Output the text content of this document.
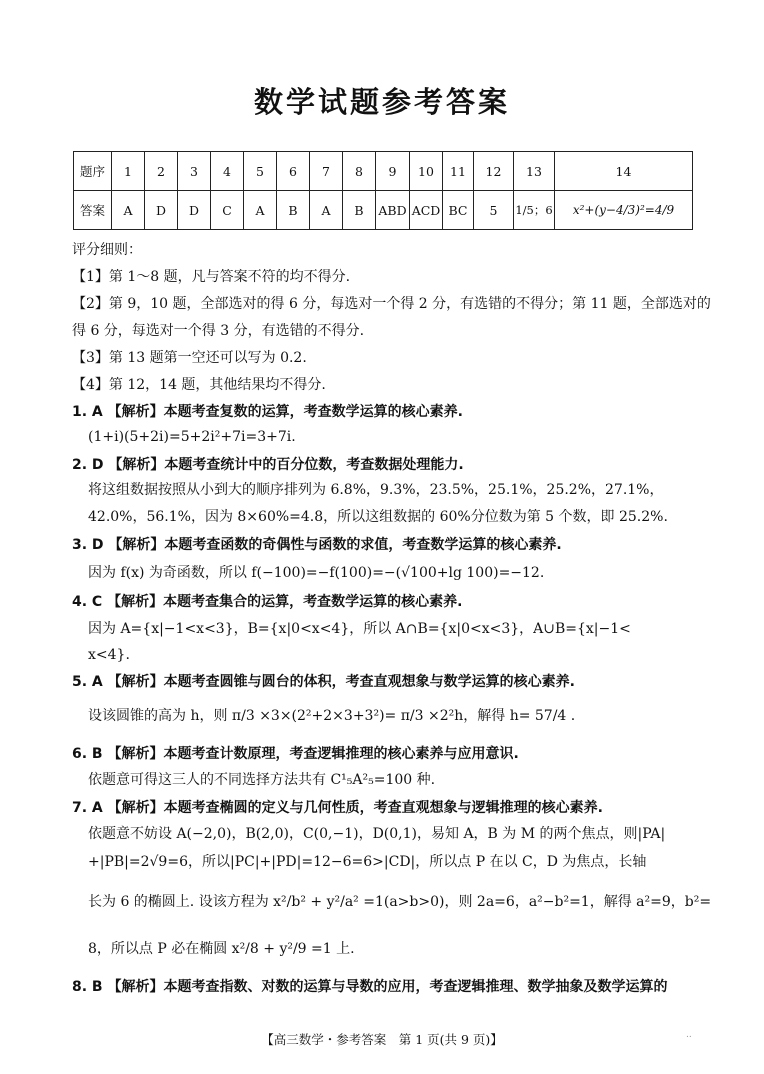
数学试题参考答案
题序	1	2	3	4	5	6	7	8	9	10	11	12	13	14
答案	A	D	D	C	A	B	A	B	ABD	ACD	BC	5	1/5；6	x²+(y−4/3)²=4/9
评分细则：
【1】第 1～8 题，凡与答案不符的均不得分.
【2】第 9，10 题，全部选对的得 6 分，每选对一个得 2 分，有选错的不得分；第 11 题，全部选对的
得 6 分，每选对一个得 3 分，有选错的不得分.
【3】第 13 题第一空还可以写为 0.2.
【4】第 12，14 题，其他结果均不得分.
1. A 【解析】本题考查复数的运算，考查数学运算的核心素养.
(1+i)(5+2i)=5+2i²+7i=3+7i.
2. D 【解析】本题考查统计中的百分位数，考查数据处理能力.
将这组数据按照从小到大的顺序排列为 6.8%，9.3%，23.5%，25.1%，25.2%，27.1%，
42.0%，56.1%，因为 8×60%=4.8，所以这组数据的 60%分位数为第 5 个数，即 25.2%.
3. D 【解析】本题考查函数的奇偶性与函数的求值，考查数学运算的核心素养.
因为 f(x) 为奇函数，所以 f(−100)=−f(100)=−(√100+lg 100)=−12.
4. C 【解析】本题考查集合的运算，考查数学运算的核心素养.
因为 A={x|−1<x<3}，B={x|0<x<4}，所以 A∩B={x|0<x<3}，A∪B={x|−1<
x<4}.
5. A 【解析】本题考查圆锥与圆台的体积，考查直观想象与数学运算的核心素养.
设该圆锥的高为 h，则 π/3 ×3×(2²+2×3+3²)= π/3 ×2²h，解得 h= 57/4 .
6. B 【解析】本题考查计数原理，考查逻辑推理的核心素养与应用意识.
依题意可得这三人的不同选择方法共有 C¹₅A²₅=100 种.
7. A 【解析】本题考查椭圆的定义与几何性质，考查直观想象与逻辑推理的核心素养.
依题意不妨设 A(−2,0)，B(2,0)，C(0,−1)，D(0,1)，易知 A，B 为 M 的两个焦点，则|PA|
+|PB|=2√9=6，所以|PC|+|PD|=12−6=6>|CD|，所以点 P 在以 C，D 为焦点，长轴
长为 6 的椭圆上. 设该方程为 x²/b² + y²/a² =1(a>b>0)，则 2a=6，a²−b²=1，解得 a²=9，b²=
8，所以点 P 必在椭圆 x²/8 + y²/9 =1 上.
8. B 【解析】本题考查指数、对数的运算与导数的应用，考查逻辑推理、数学抽象及数学运算的
【高三数学・参考答案　第 1 页(共 9 页)】	..
